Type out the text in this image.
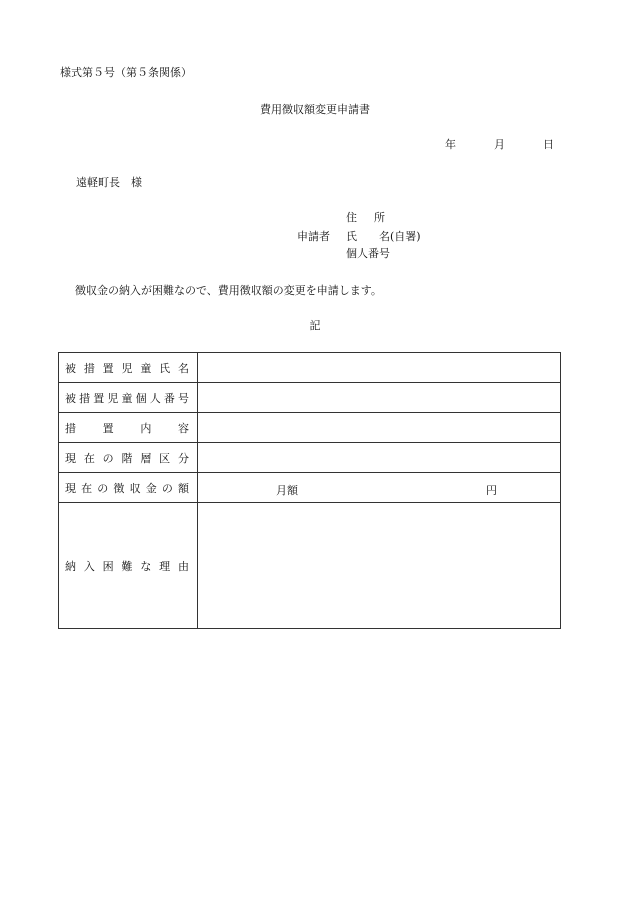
様式第５号（第５条関係）
費用徴収額変更申請書
年	月	日
遠軽町長　様
住所
申請者 氏　　名(自署)
個人番号
徴収金の納入が困難なので、費用徴収額の変更を申請します。
記
被措置児童氏名	
被措置児童個人番号	
措置内容	
現在の階層区分	
現在の徴収金の額	月額 円

納入困難な理由	
